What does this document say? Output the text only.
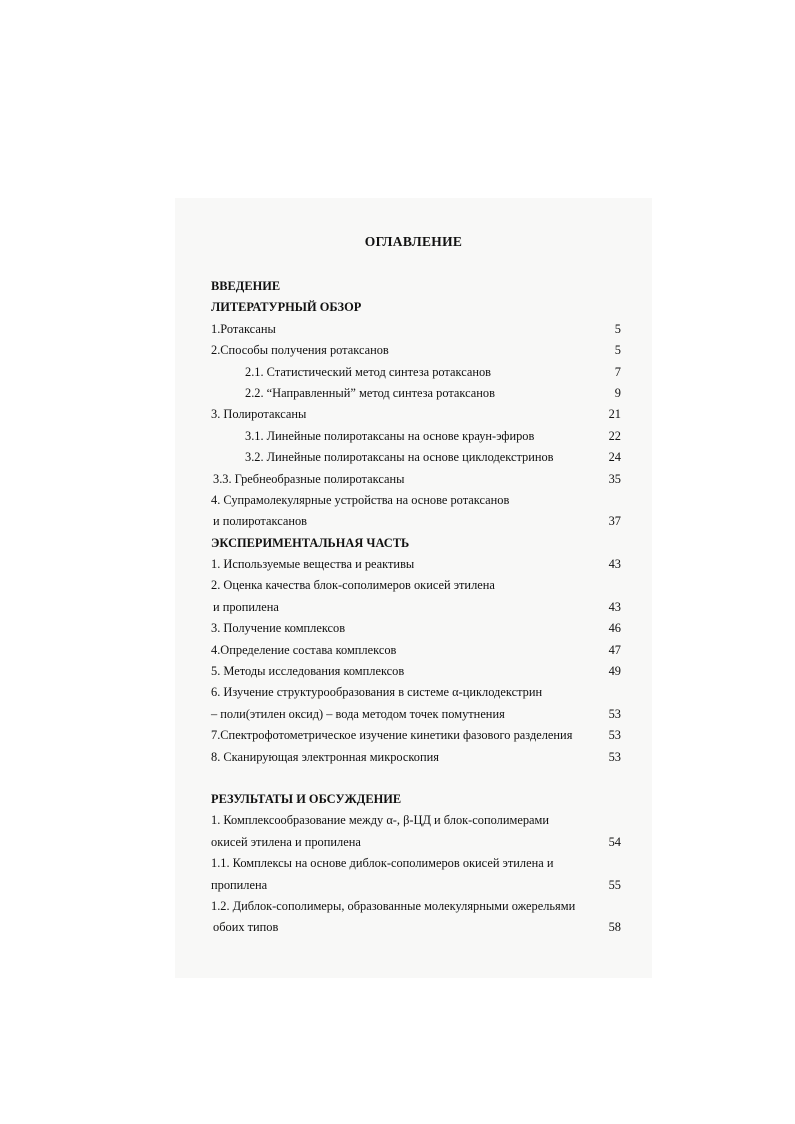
ОГЛАВЛЕНИЕ
ВВЕДЕНИЕ
ЛИТЕРАТУРНЫЙ ОБЗОР
1.Ротаксаны	5
2.Способы получения ротаксанов	5
2.1. Статистический метод синтеза ротаксанов	7
2.2. “Направленный” метод синтеза ротаксанов	9
3. Полиротаксаны	21
3.1. Линейные полиротаксаны на основе краун-эфиров	22
3.2. Линейные полиротаксаны на основе циклодекстринов	24
3.3. Гребнеобразные полиротаксаны	35
4. Супрамолекулярные устройства на основе ротаксанов
и полиротаксанов	37
ЭКСПЕРИМЕНТАЛЬНАЯ ЧАСТЬ
1. Используемые вещества и реактивы	43
2. Оценка качества блок-сополимеров окисей этилена
и пропилена	43
3. Получение комплексов	46
4.Определение состава комплексов	47
5. Методы исследования комплексов	49
6. Изучение структурообразования в системе α-циклодекстрин
– поли(этилен оксид) – вода методом точек помутнения	53
7.Спектрофотометрическое изучение кинетики фазового разделения	53
8. Сканирующая электронная микроскопия	53
РЕЗУЛЬТАТЫ И ОБСУЖДЕНИЕ
1. Комплексообразование между α-, β-ЦД и блок-сополимерами
окисей этилена и пропилена	54
1.1. Комплексы на основе диблок-сополимеров окисей этилена и
пропилена	55
1.2. Диблок-сополимеры, образованные молекулярными ожерельями
обоих типов	58
